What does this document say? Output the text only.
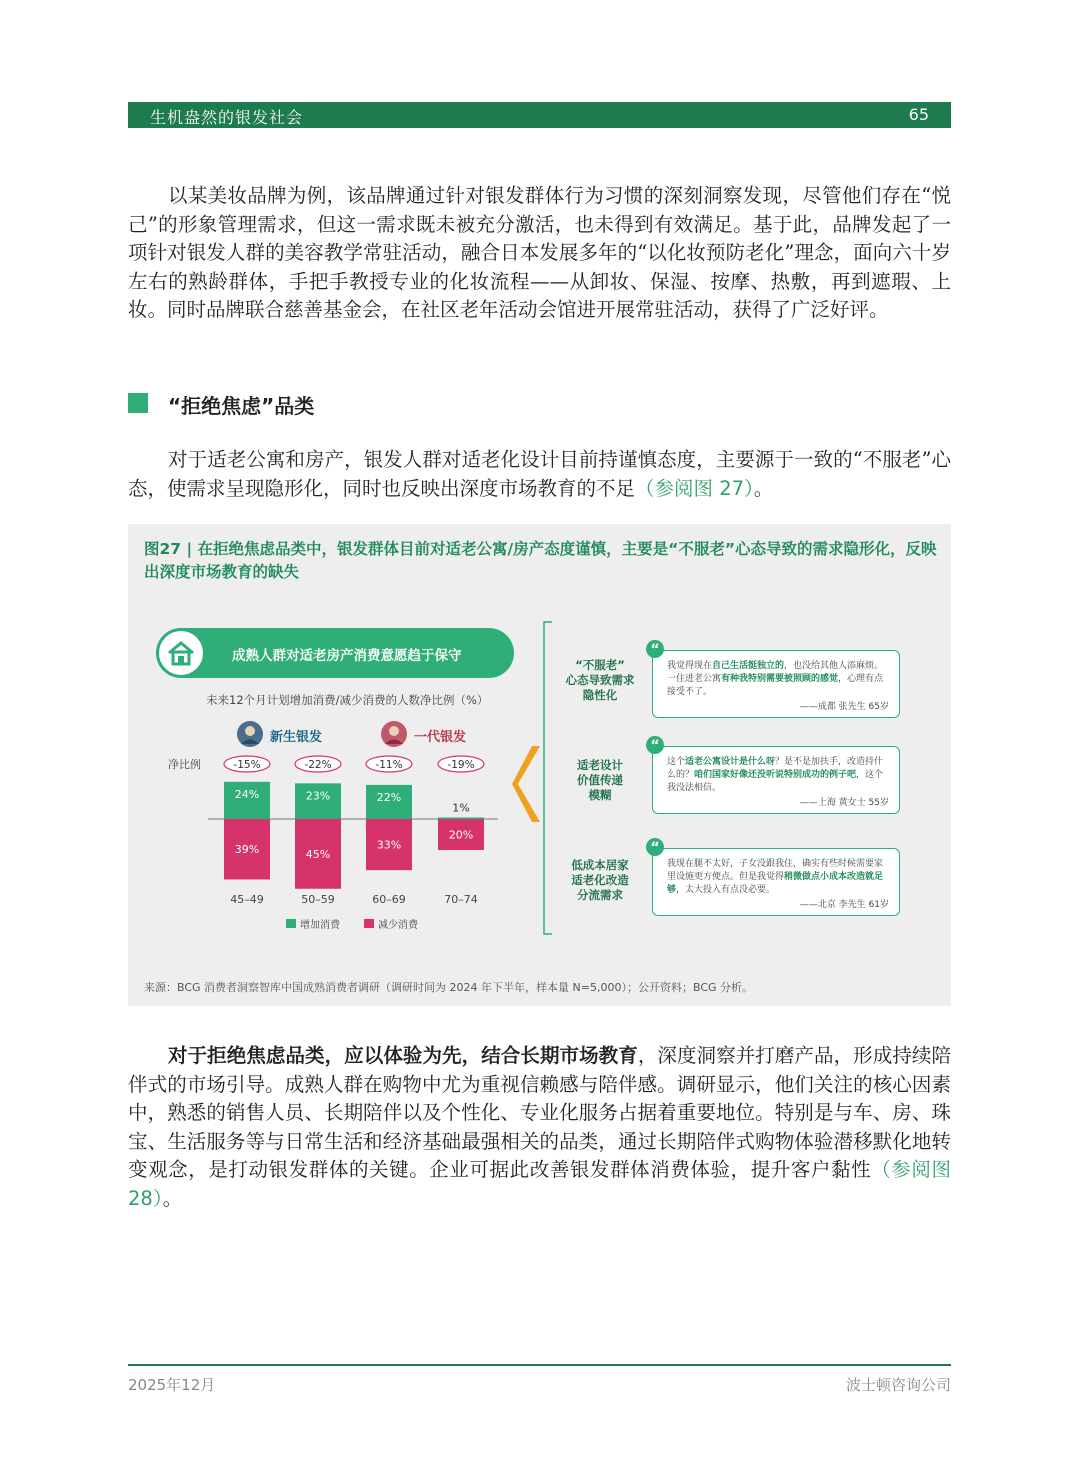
生机盎然的银发社会	65

以某美妆品牌为例，该品牌通过针对银发群体行为习惯的深刻洞察发现，尽管他们存在“悦己”的形象管理需求，但这一需求既未被充分激活，也未得到有效满足。基于此，品牌发起了一项针对银发人群的美容教学常驻活动，融合日本发展多年的“以化妆预防老化”理念，面向六十岁左右的熟龄群体，手把手教授专业的化妆流程——从卸妆、保湿、按摩、热敷，再到遮瑕、上妆。同时品牌联合慈善基金会，在社区老年活动会馆进开展常驻活动，获得了广泛好评。

“拒绝焦虑”品类

对于适老公寓和房产，银发人群对适老化设计目前持谨慎态度，主要源于一致的“不服老”心态，使需求呈现隐形化，同时也反映出深度市场教育的不足（参阅图 27）。

图27 | 在拒绝焦虑品类中，银发群体目前对适老公寓/房产态度谨慎，主要是“不服老”心态导致的需求隐形化，反映出深度市场教育的缺失
成熟人群对适老房产消费意愿趋于保守
未来12个月计划增加消费/减少消费的人数净比例（%）
新生银发	一代银发
净比例	-15%
24%
39%
45–49
-22%
23%
45%
50–59
-11%
22%
33%
60–69
-19%
1%
20%
70–74
增加消费	减少消费
“不服老”
心态导致需求
隐性化
适老设计
价值传递
模糊
低成本居家
适老化改造
分流需求
我觉得现在自己生活挺独立的，也没给其他人添麻烦。一住进老公寓有种我特别需要被照顾的感觉，心理有点接受不了。
——成都 张先生 65岁
“
这个适老公寓设计是什么呀？是不是加扶手，改造持什么的？咱们国家好像还没听说特别成功的例子吧，这个我没法相信。
——上海 黄女士 55岁
“
我现在腿不太好，子女没跟我住，确实有些时候需要家里设施更方便点。但是我觉得稍微做点小成本改造就足够，太大投入有点没必要。
——北京 李先生 61岁
“
来源：BCG 消费者洞察智库中国成熟消费者调研（调研时间为 2024 年下半年，样本量 N=5,000）；公开资料；BCG 分析。

对于拒绝焦虑品类，应以体验为先，结合长期市场教育，深度洞察并打磨产品，形成持续陪伴式的市场引导。成熟人群在购物中尤为重视信赖感与陪伴感。调研显示，他们关注的核心因素中，熟悉的销售人员、长期陪伴以及个性化、专业化服务占据着重要地位。特别是与车、房、珠宝、生活服务等与日常生活和经济基础最强相关的品类，通过长期陪伴式购物体验潜移默化地转变观念，是打动银发群体的关键。企业可据此改善银发群体消费体验，提升客户黏性（参阅图 28）。

2025年12月	波士顿咨询公司
